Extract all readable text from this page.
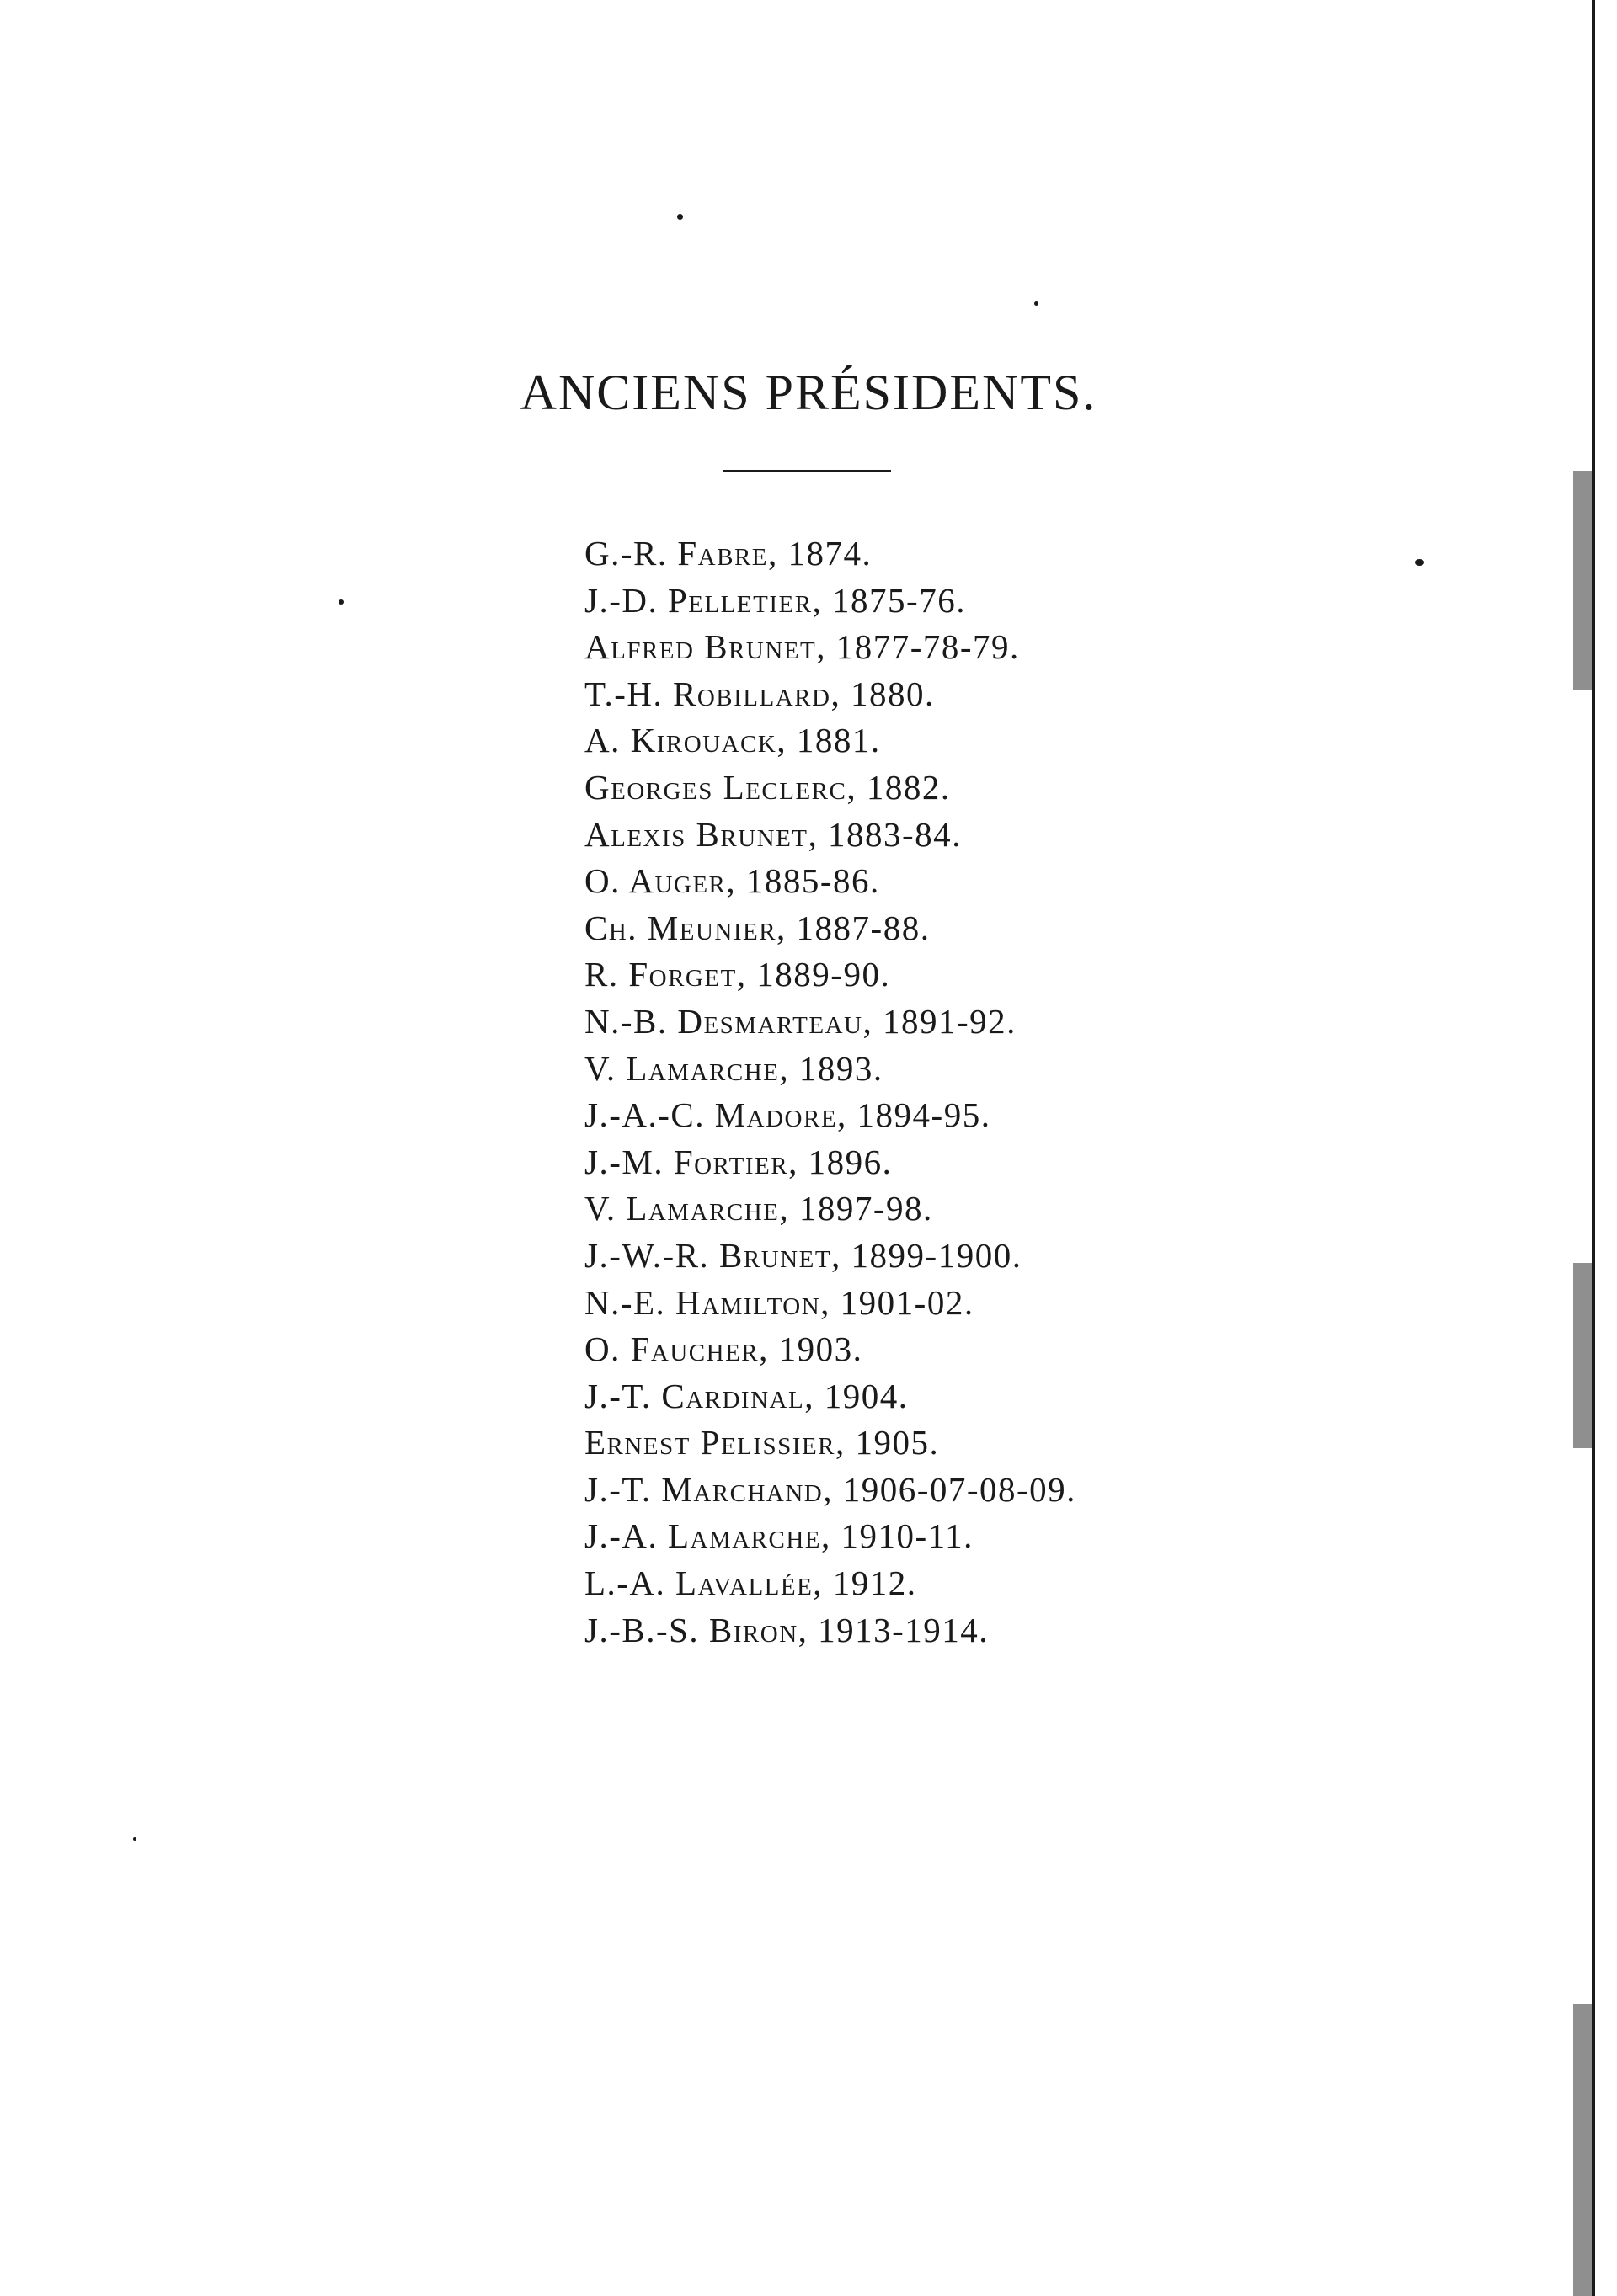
ANCIENS PRÉSIDENTS.
G.-R. Fabre, 1874.
J.-D. Pelletier, 1875-76.
Alfred Brunet, 1877-78-79.
T.-H. Robillard, 1880.
A. Kirouack, 1881.
Georges Leclerc, 1882.
Alexis Brunet, 1883-84.
O. Auger, 1885-86.
Ch. Meunier, 1887-88.
R. Forget, 1889-90.
N.-B. Desmarteau, 1891-92.
V. Lamarche, 1893.
J.-A.-C. Madore, 1894-95.
J.-M. Fortier, 1896.
V. Lamarche, 1897-98.
J.-W.-R. Brunet, 1899-1900.
N.-E. Hamilton, 1901-02.
O. Faucher, 1903.
J.-T. Cardinal, 1904.
Ernest Pelissier, 1905.
J.-T. Marchand, 1906-07-08-09.
J.-A. Lamarche, 1910-11.
L.-A. Lavallée, 1912.
J.-B.-S. Biron, 1913-1914.
